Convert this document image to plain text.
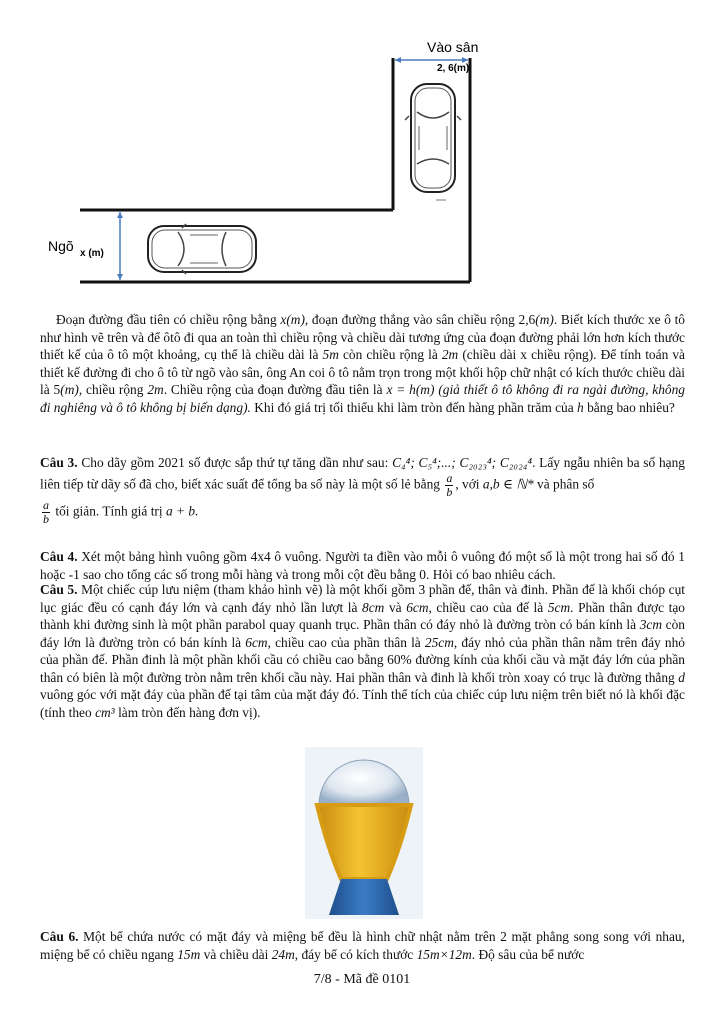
Vào sân
2, 6(m)
Ngõ x (m)

Đoạn đường đầu tiên có chiều rộng bằng x(m), đoạn đường thẳng vào sân chiều rộng 2,6(m). Biết kích thước xe ô tô như hình vẽ trên và để ôtô đi qua an toàn thì chiều rộng và chiều dài tương ứng của đoạn đường phải lớn hơn kích thước thiết kế của ô tô một khoảng, cụ thể là chiều dài là 5m còn chiều rộng là 2m (chiều dài x chiều rộng). Để tính toán và thiết kế đường đi cho ô tô từ ngõ vào sân, ông An coi ô tô nằm trọn trong một khối hộp chữ nhật có kích thước chiều dài là 5(m), chiều rộng 2m. Chiều rộng của đoạn đường đầu tiên là x = h(m) (giả thiết ô tô không đi ra ngài đường, không đi nghiêng và ô tô không bị biến dạng). Khi đó giá trị tối thiểu khi làm tròn đến hàng phần trăm của h bằng bao nhiêu?

Câu 3. Cho dãy gồm 2021 số được sắp thứ tự tăng dần như sau: C₄⁴; C₅⁴;...; C₂₀₂₃⁴; C₂₀₂₄⁴. Lấy ngẫu nhiên ba số hạng liên tiếp từ dãy số đã cho, biết xác suất để tổng ba số này là một số lẻ bằng $\frac{a}{b}$ , với a,b ∈ ℕ* và phân số

$\frac{a}{b}$ tối giản. Tính giá trị a + b.

Câu 4. Xét một bảng hình vuông gồm 4x4 ô vuông. Người ta điền vào mỗi ô vuông đó một số là một trong hai số đó 1 hoặc -1 sao cho tổng các số trong mỗi hàng và trong mỗi cột đều bằng 0. Hỏi có bao nhiêu cách.

Câu 5. Một chiếc cúp lưu niệm (tham khảo hình vẽ) là một khối gồm 3 phần đế, thân và đinh. Phần đế là khối chóp cụt lục giác đều có cạnh đáy lớn và cạnh đáy nhỏ lần lượt là 8cm và 6cm, chiều cao của đế là 5cm. Phần thân được tạo thành khi đường sinh là một phần parabol quay quanh trục. Phần thân có đáy nhỏ là đường tròn có bán kính là 3cm còn đáy lớn là đường tròn có bán kính là 6cm, chiều cao của phần thân là 25cm, đáy nhỏ của phần thân nằm trên đáy nhỏ của phần đế. Phần đinh là một phần khối cầu có chiều cao bằng 60% đường kính của khối cầu và mặt đáy lớn của phần thân có biên là một đường tròn nằm trên khối cầu này. Hai phần thân và đinh là khối tròn xoay có trục là đường thẳng d vuông góc với mặt đáy của phần đế tại tâm của mặt đáy đó. Tính thể tích của chiếc cúp lưu niệm trên biết nó là khối đặc (tính theo cm³ làm tròn đến hàng đơn vị).

Câu 6. Một bể chứa nước có mặt đáy và miệng bể đều là hình chữ nhật nằm trên 2 mặt phẳng song song với nhau, miệng bể có chiều ngang 15m và chiều dài 24m, đáy bể có kích thước 15m×12m. Độ sâu của bể nước

7/8 - Mã đề 0101
